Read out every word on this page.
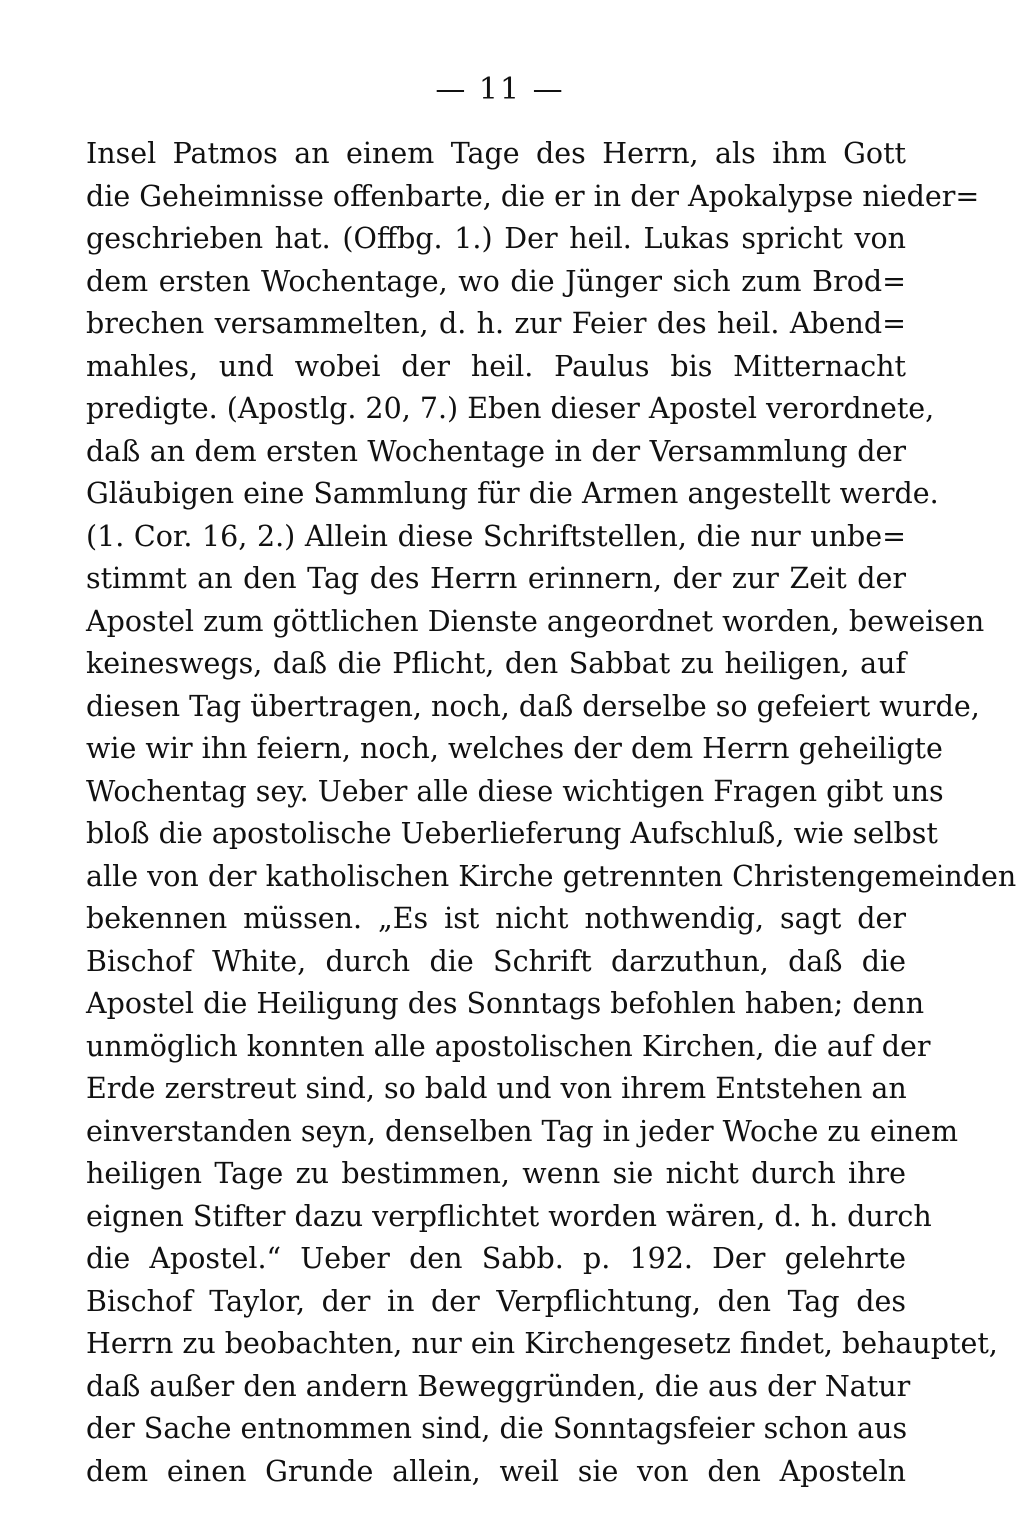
— 11 —
Insel Patmos an einem Tage des Herrn, als ihm Gott
die Geheimnisse offenbarte, die er in der Apokalypse nieder=
geschrieben hat. (Offbg. 1.) Der heil. Lukas spricht von
dem ersten Wochentage, wo die Jünger sich zum Brod=
brechen versammelten, d. h. zur Feier des heil. Abend=
mahles, und wobei der heil. Paulus bis Mitternacht
predigte. (Apostlg. 20, 7.) Eben dieser Apostel verordnete,
daß an dem ersten Wochentage in der Versammlung der
Gläubigen eine Sammlung für die Armen angestellt werde.
(1. Cor. 16, 2.) Allein diese Schriftstellen, die nur unbe=
stimmt an den Tag des Herrn erinnern, der zur Zeit der
Apostel zum göttlichen Dienste angeordnet worden, beweisen
keineswegs, daß die Pflicht, den Sabbat zu heiligen, auf
diesen Tag übertragen, noch, daß derselbe so gefeiert wurde,
wie wir ihn feiern, noch, welches der dem Herrn geheiligte
Wochentag sey. Ueber alle diese wichtigen Fragen gibt uns
bloß die apostolische Ueberlieferung Aufschluß, wie selbst
alle von der katholischen Kirche getrennten Christengemeinden
bekennen müssen. „Es ist nicht nothwendig, sagt der
Bischof White, durch die Schrift darzuthun, daß die
Apostel die Heiligung des Sonntags befohlen haben; denn
unmöglich konnten alle apostolischen Kirchen, die auf der
Erde zerstreut sind, so bald und von ihrem Entstehen an
einverstanden seyn, denselben Tag in jeder Woche zu einem
heiligen Tage zu bestimmen, wenn sie nicht durch ihre
eignen Stifter dazu verpflichtet worden wären, d. h. durch
die Apostel.“ Ueber den Sabb. p. 192. Der gelehrte
Bischof Taylor, der in der Verpflichtung, den Tag des
Herrn zu beobachten, nur ein Kirchengesetz findet, behauptet,
daß außer den andern Beweggründen, die aus der Natur
der Sache entnommen sind, die Sonntagsfeier schon aus
dem einen Grunde allein, weil sie von den Aposteln
